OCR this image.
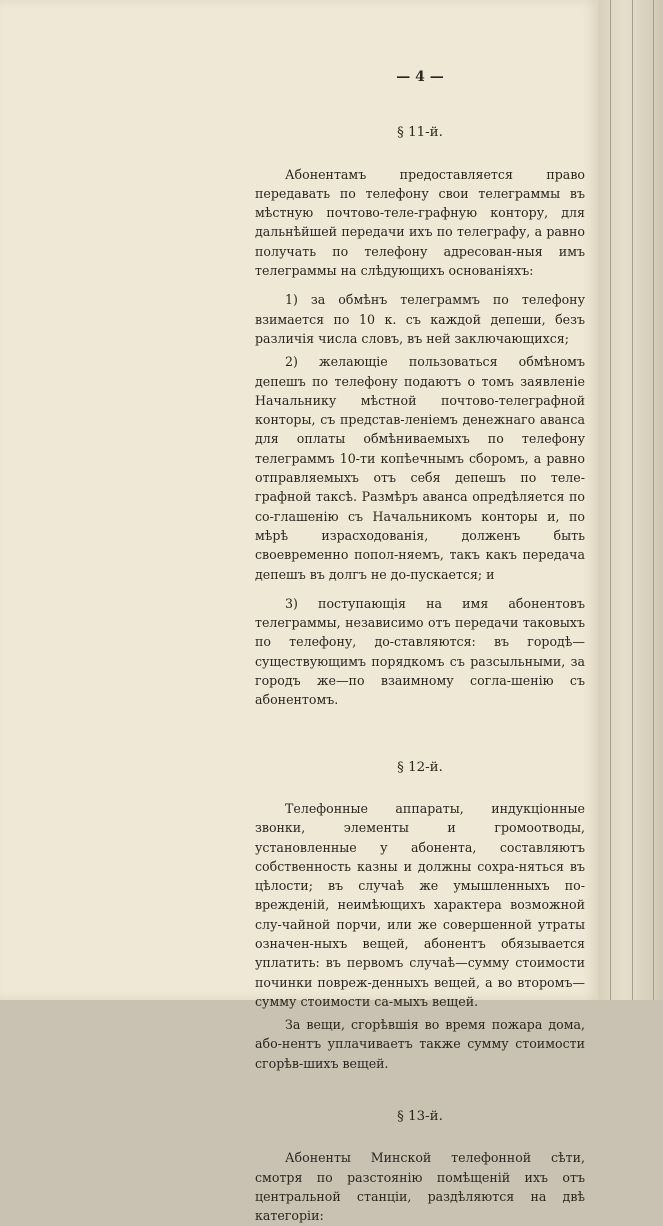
— 4 —
§ 11-й.

Абонентамъ предоставляется право передавать по телефону свои телеграммы въ мѣстную почтово-теле-графную контору, для дальнѣйшей передачи ихъ по телеграфу, а равно получать по телефону адресован-ныя имъ телеграммы на слѣдующихъ основаніяхъ:

1) за обмѣнъ телеграммъ по телефону взимается по 10 к. съ каждой депеши, безъ различія числа словъ, въ ней заключающихся;

2) желающіе пользоваться обмѣномъ депешъ по телефону подаютъ о томъ заявленіе Начальнику мѣстной почтово-телеграфной конторы, съ представ-леніемъ денежнаго аванса для оплаты обмѣниваемыхъ по телефону телеграммъ 10-ти копѣечнымъ сборомъ, а равно отправляемыхъ отъ себя депешъ по теле-графной таксѣ. Размѣръ аванса опредѣляется по со-глашенію съ Начальникомъ конторы и, по мѣрѣ израсходованія, долженъ быть своевременно попол-няемъ, такъ какъ передача депешъ въ долгъ не до-пускается; и

3) поступающія на имя абонентовъ телеграммы, независимо отъ передачи таковыхъ по телефону, до-ставляются: въ городѣ—существующимъ порядкомъ съ разсыльными, за городъ же—по взаимному согла-шенію съ абонентомъ.

§ 12-й.

Телефонные аппараты, индукціонные звонки, элементы и громоотводы, установленные у абонента, составляютъ собственность казны и должны сохра-няться въ цѣлости; въ случаѣ же умышленныхъ по-врежденій, неимѣющихъ характера возможной слу-чайной порчи, или же совершенной утраты означен-ныхъ вещей, абонентъ обязывается уплатить: въ первомъ случаѣ—сумму стоимости починки повреж-денныхъ вещей, а во второмъ—сумму стоимости са-мыхъ вещей.

За вещи, сгорѣвшія во время пожара дома, або-нентъ уплачиваетъ также сумму стоимости сгорѣв-шихъ вещей.

§ 13-й.

Абоненты Минской телефонной сѣти, смотря по разстоянію помѣщеній ихъ отъ центральной станціи, раздѣляются на двѣ категоріи:
